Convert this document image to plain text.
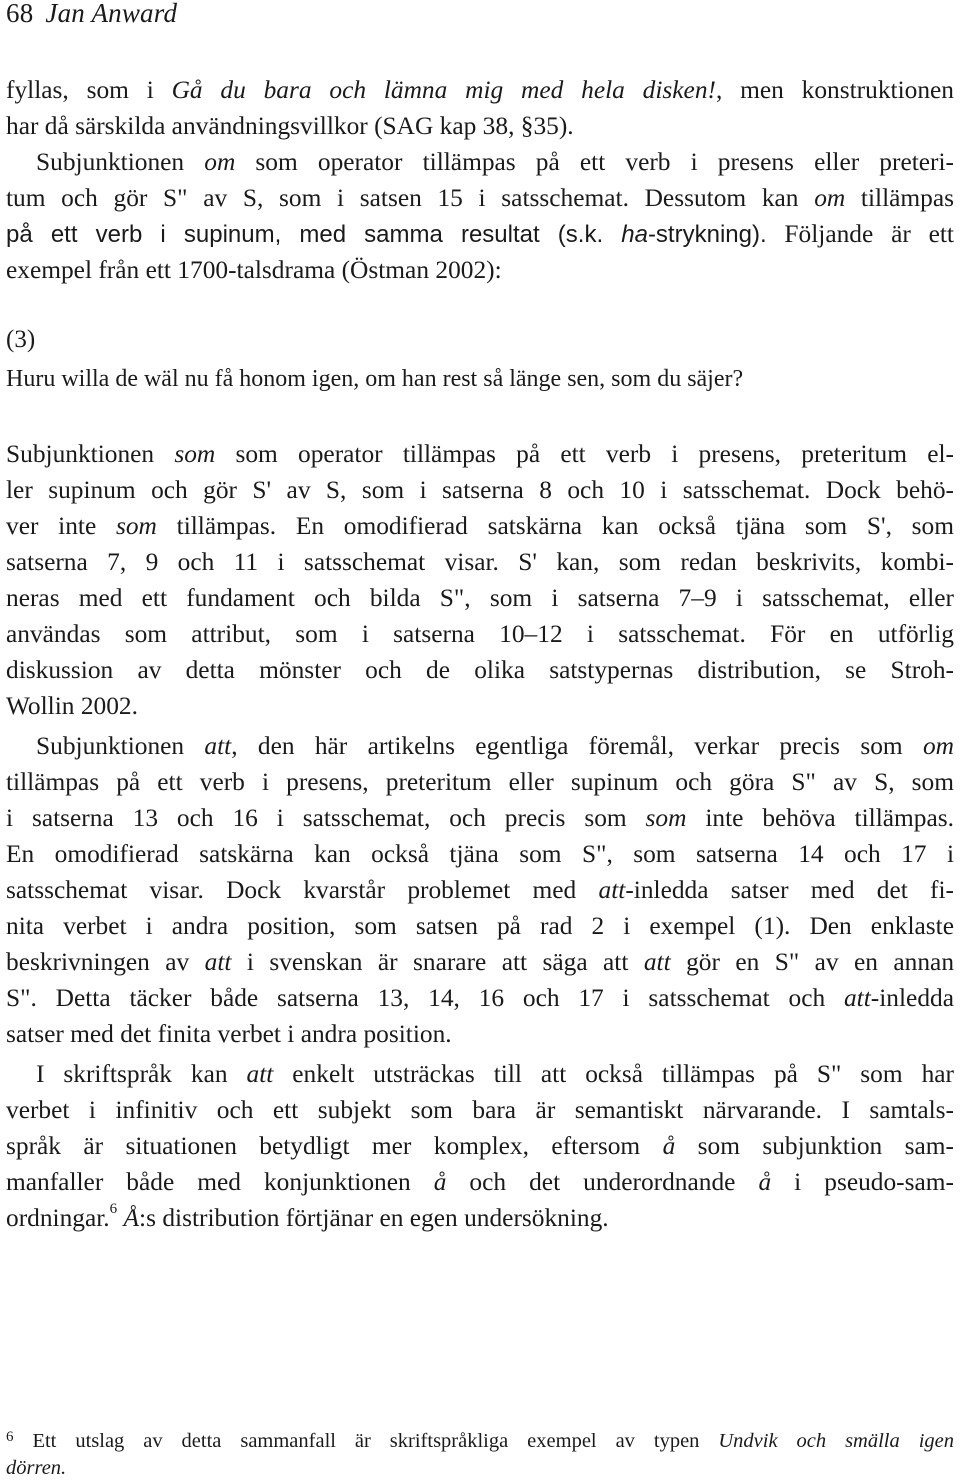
68 Jan Anward
fyllas, som i Gå du bara och lämna mig med hela disken!, men konstruktionen
har då särskilda användningsvillkor (SAG kap 38, §35).
Subjunktionen om som operator tillämpas på ett verb i presens eller preteri-
tum och gör S" av S, som i satsen 15 i satsschemat. Dessutom kan om tillämpas
på ett verb i supinum, med samma resultat (s.k. ha-strykning). Följande är ett
exempel från ett 1700-talsdrama (Östman 2002):
(3)
Huru willa de wäl nu få honom igen, om han rest så länge sen, som du säjer?
Subjunktionen som som operator tillämpas på ett verb i presens, preteritum el-
ler supinum och gör S' av S, som i satserna 8 och 10 i satsschemat. Dock behö-
ver inte som tillämpas. En omodifierad satskärna kan också tjäna som S', som
satserna 7, 9 och 11 i satsschemat visar. S' kan, som redan beskrivits, kombi-
neras med ett fundament och bilda S", som i satserna 7–9 i satsschemat, eller
användas som attribut, som i satserna 10–12 i satsschemat. För en utförlig
diskussion av detta mönster och de olika satstypernas distribution, se Stroh-
Wollin 2002.
Subjunktionen att, den här artikelns egentliga föremål, verkar precis som om
tillämpas på ett verb i presens, preteritum eller supinum och göra S" av S, som
i satserna 13 och 16 i satsschemat, och precis som som inte behöva tillämpas.
En omodifierad satskärna kan också tjäna som S", som satserna 14 och 17 i
satsschemat visar. Dock kvarstår problemet med att-inledda satser med det fi-
nita verbet i andra position, som satsen på rad 2 i exempel (1). Den enklaste
beskrivningen av att i svenskan är snarare att säga att att gör en S" av en annan
S". Detta täcker både satserna 13, 14, 16 och 17 i satsschemat och att-inledda
satser med det finita verbet i andra position.
I skriftspråk kan att enkelt utsträckas till att också tillämpas på S" som har
verbet i infinitiv och ett subjekt som bara är semantiskt närvarande. I samtals-
språk är situationen betydligt mer komplex, eftersom å som subjunktion sam-
manfaller både med konjunktionen å och det underordnande å i pseudo-sam-
ordningar.$^6$ Å:s distribution förtjänar en egen undersökning.
$^6$ Ett utslag av detta sammanfall är skriftspråkliga exempel av typen Undvik och smälla igen
dörren.
